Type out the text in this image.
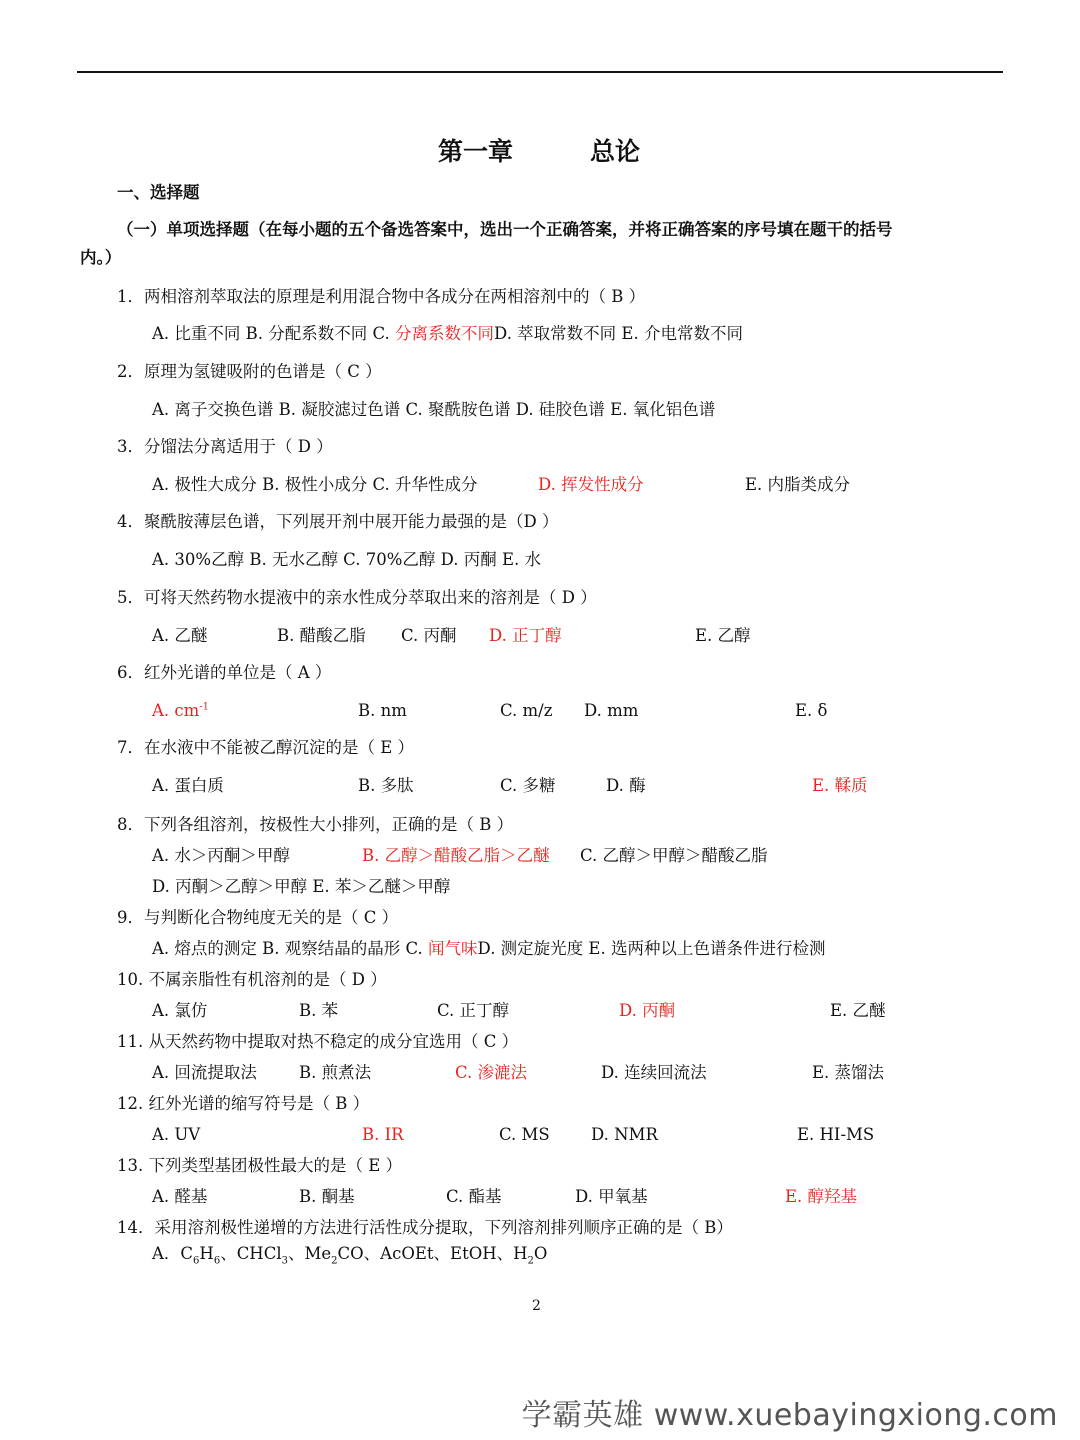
第一章	总论
一、选择题
（一）单项选择题（在每小题的五个备选答案中，选出一个正确答案，并将正确答案的序号填在题干的括号
内。）
1．两相溶剂萃取法的原理是利用混合物中各成分在两相溶剂中的（ B ）
A. 比重不同 B. 分配系数不同 C. 分离系数不同D. 萃取常数不同 E. 介电常数不同
2．原理为氢键吸附的色谱是（ C ）
A. 离子交换色谱 B. 凝胶滤过色谱 C. 聚酰胺色谱 D. 硅胶色谱 E. 氧化铝色谱
3．分馏法分离适用于（ D ）
A. 极性大成分 B. 极性小成分 C. 升华性成分	D. 挥发性成分	E. 内脂类成分
4．聚酰胺薄层色谱，下列展开剂中展开能力最强的是（D ）
A. 30%乙醇 B. 无水乙醇 C. 70%乙醇 D. 丙酮 E. 水
5．可将天然药物水提液中的亲水性成分萃取出来的溶剂是（ D ）
A. 乙醚	B. 醋酸乙脂 C. 丙酮 D. 正丁醇	E. 乙醇
6．红外光谱的单位是（ A ）
A. $cm^{-1}$	B. nm	C. m/z D. mm	E. δ
7．在水液中不能被乙醇沉淀的是（ E ）
A. 蛋白质	B. 多肽	C. 多糖	D. 酶	E. 鞣质
8．下列各组溶剂，按极性大小排列，正确的是（ B ）
A. 水＞丙酮＞甲醇	B. 乙醇＞醋酸乙脂＞乙醚 C. 乙醇＞甲醇＞醋酸乙脂
D. 丙酮＞乙醇＞甲醇 E. 苯＞乙醚＞甲醇
9．与判断化合物纯度无关的是（ C ）
A. 熔点的测定 B. 观察结晶的晶形 C. 闻气味D. 测定旋光度 E. 选两种以上色谱条件进行检测
10. 不属亲脂性有机溶剂的是（ D ）
A. 氯仿	B. 苯	C. 正丁醇	D. 丙酮	E. 乙醚
11. 从天然药物中提取对热不稳定的成分宜选用（ C ）
A. 回流提取法	B. 煎煮法	C. 渗漉法	D. 连续回流法	E. 蒸馏法
12. 红外光谱的缩写符号是（ B ）
A. UV	B. IR	C. MS	D. NMR	E. HI-MS
13. 下列类型基团极性最大的是（ E ）
A. 醛基	B. 酮基	C. 酯基	D. 甲氧基	E. 醇羟基
14．采用溶剂极性递增的方法进行活性成分提取，下列溶剂排列顺序正确的是（ B）
A．$C_6H_6$、CHCl$_3$、$Me_2CO$、AcOEt、EtOH、$H_2O$
2
学霸英雄 www.xuebayingxiong.com
